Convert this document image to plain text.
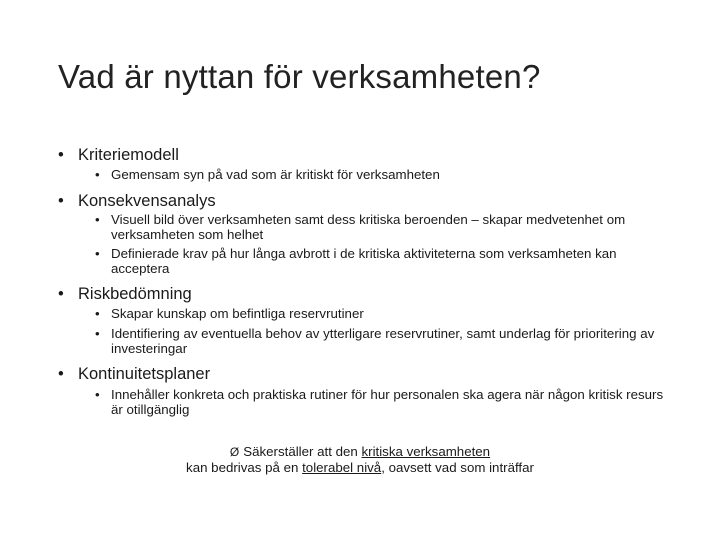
Vad är nyttan för verksamheten?
• Kriteriemodell
• Gemensam syn på vad som är kritiskt för verksamheten
• Konsekvensanalys
• Visuell bild över verksamheten samt dess kritiska beroenden – skapar medvetenhet om verksamheten som helhet
• Definierade krav på hur långa avbrott i de kritiska aktiviteterna som verksamheten kan acceptera
• Riskbedömning
• Skapar kunskap om befintliga reservrutiner
• Identifiering av eventuella behov av ytterligare reservrutiner, samt underlag för prioritering av investeringar
• Kontinuitetsplaner
• Innehåller konkreta och praktiska rutiner för hur personalen ska agera när någon kritisk resurs är otillgänglig
Ø Säkerställer att den kritiska verksamheten
kan bedrivas på en tolerabel nivå, oavsett vad som inträffar
